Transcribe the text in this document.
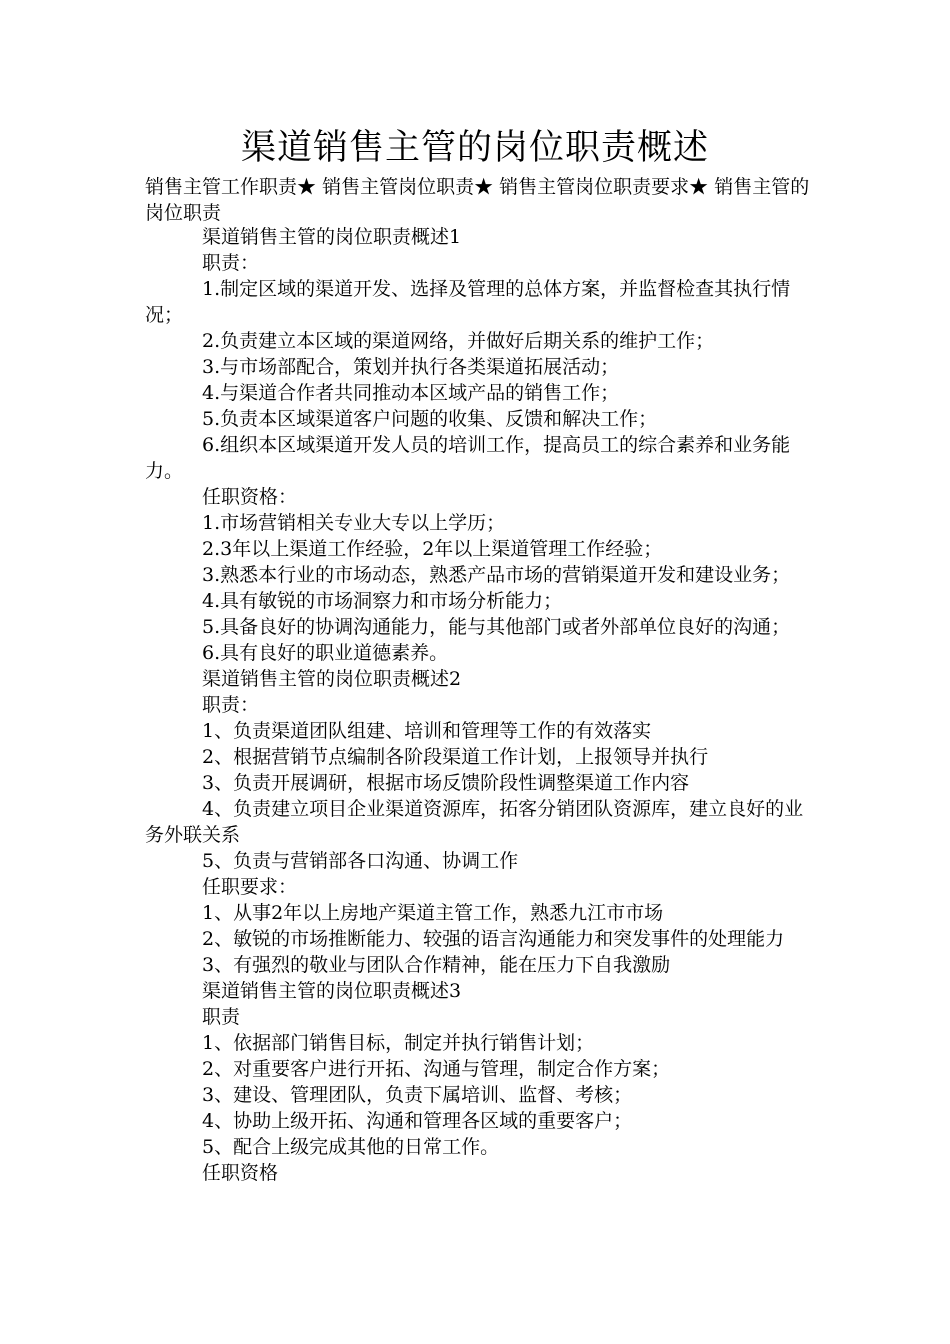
渠道销售主管的岗位职责概述
销售主管工作职责★ 销售主管岗位职责★ 销售主管岗位职责要求★ 销售主管的岗位职责

渠道销售主管的岗位职责概述1

职责：

1.制定区域的渠道开发、选择及管理的总体方案，并监督检查其执行情况；

2.负责建立本区域的渠道网络，并做好后期关系的维护工作；

3.与市场部配合，策划并执行各类渠道拓展活动；

4.与渠道合作者共同推动本区域产品的销售工作；

5.负责本区域渠道客户问题的收集、反馈和解决工作；

6.组织本区域渠道开发人员的培训工作，提高员工的综合素养和业务能力。

任职资格：

1.市场营销相关专业大专以上学历；

2.3年以上渠道工作经验，2年以上渠道管理工作经验；

3.熟悉本行业的市场动态，熟悉产品市场的营销渠道开发和建设业务；

4.具有敏锐的市场洞察力和市场分析能力；

5.具备良好的协调沟通能力，能与其他部门或者外部单位良好的沟通；

6.具有良好的职业道德素养。

渠道销售主管的岗位职责概述2

职责：

1、负责渠道团队组建、培训和管理等工作的有效落实

2、根据营销节点编制各阶段渠道工作计划，上报领导并执行

3、负责开展调研，根据市场反馈阶段性调整渠道工作内容

4、负责建立项目企业渠道资源库，拓客分销团队资源库，建立良好的业务外联关系

5、负责与营销部各口沟通、协调工作

任职要求：

1、从事2年以上房地产渠道主管工作，熟悉九江市市场

2、敏锐的市场推断能力、较强的语言沟通能力和突发事件的处理能力

3、有强烈的敬业与团队合作精神，能在压力下自我激励

渠道销售主管的岗位职责概述3

职责

1、依据部门销售目标，制定并执行销售计划；

2、对重要客户进行开拓、沟通与管理，制定合作方案；

3、建设、管理团队，负责下属培训、监督、考核；

4、协助上级开拓、沟通和管理各区域的重要客户；

5、配合上级完成其他的日常工作。

任职资格
